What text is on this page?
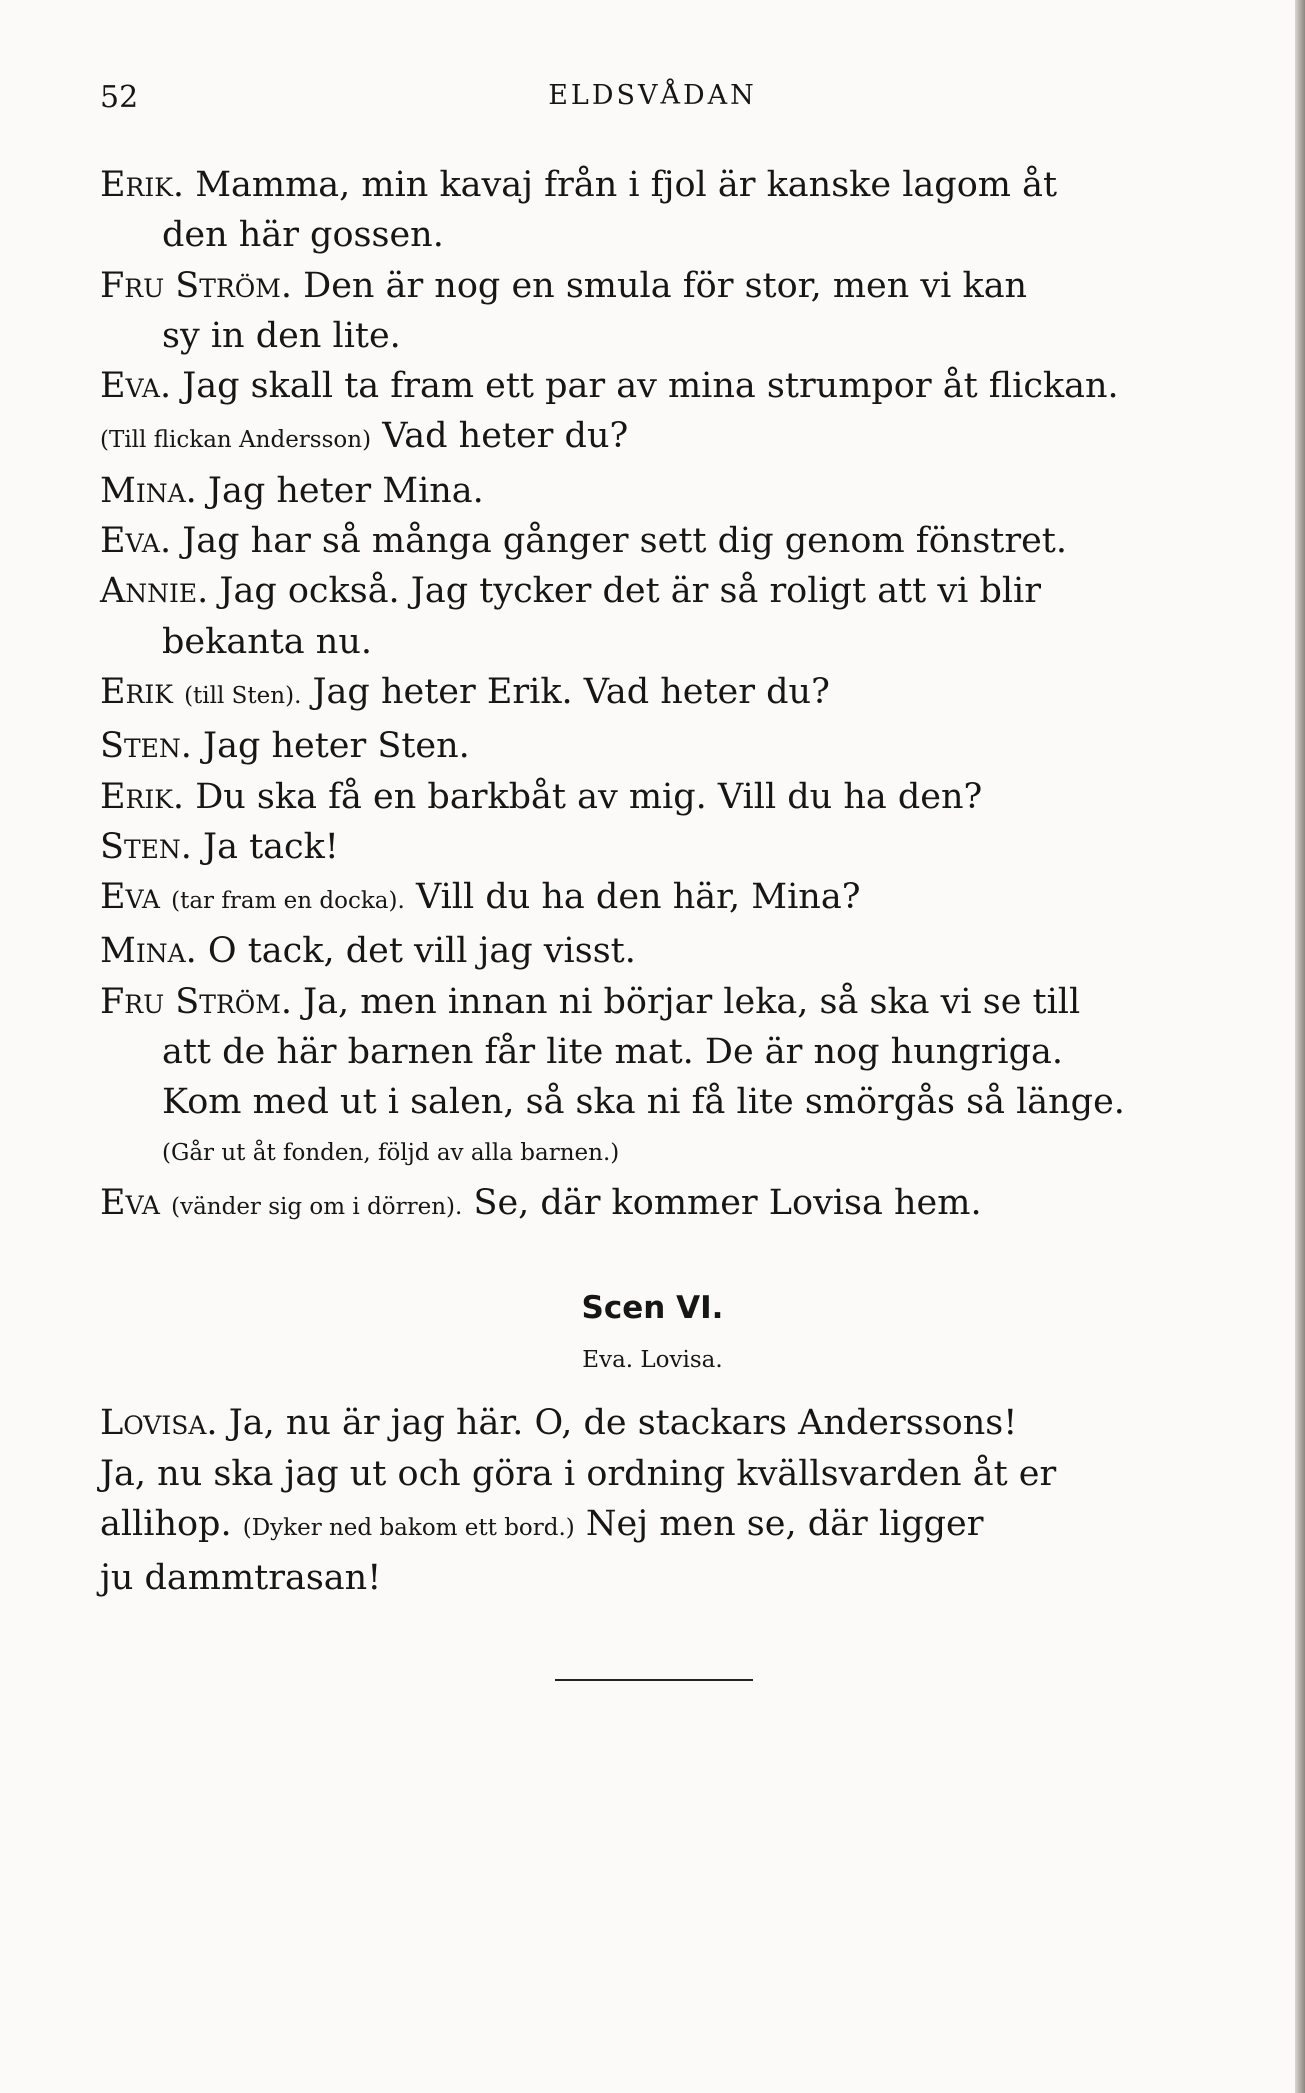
52	ELDSVÅDAN

Erik. Mamma, min kavaj från i fjol är kanske lagom åt
den här gossen.

Fru Ström. Den är nog en smula för stor, men vi kan
sy in den lite.

Eva. Jag skall ta fram ett par av mina strumpor åt flickan.

(Till flickan Andersson) Vad heter du?

Mina. Jag heter Mina.

Eva. Jag har så många gånger sett dig genom fönstret.

Annie. Jag också. Jag tycker det är så roligt att vi blir
bekanta nu.

Erik (till Sten). Jag heter Erik. Vad heter du?

Sten. Jag heter Sten.

Erik. Du ska få en barkbåt av mig. Vill du ha den?

Sten. Ja tack!

Eva (tar fram en docka). Vill du ha den här, Mina?

Mina. O tack, det vill jag visst.

Fru Ström. Ja, men innan ni börjar leka, så ska vi se till
att de här barnen får lite mat. De är nog hungriga.
Kom med ut i salen, så ska ni få lite smörgås så länge.

(Går ut åt fonden, följd av alla barnen.)

Eva (vänder sig om i dörren). Se, där kommer Lovisa hem.

Scen VI.
Eva. Lovisa.

Lovisa. Ja, nu är jag här. O, de stackars Anderssons!
Ja, nu ska jag ut och göra i ordning kvällsvarden åt er
allihop. (Dyker ned bakom ett bord.) Nej men se, där ligger
ju dammtrasan!
